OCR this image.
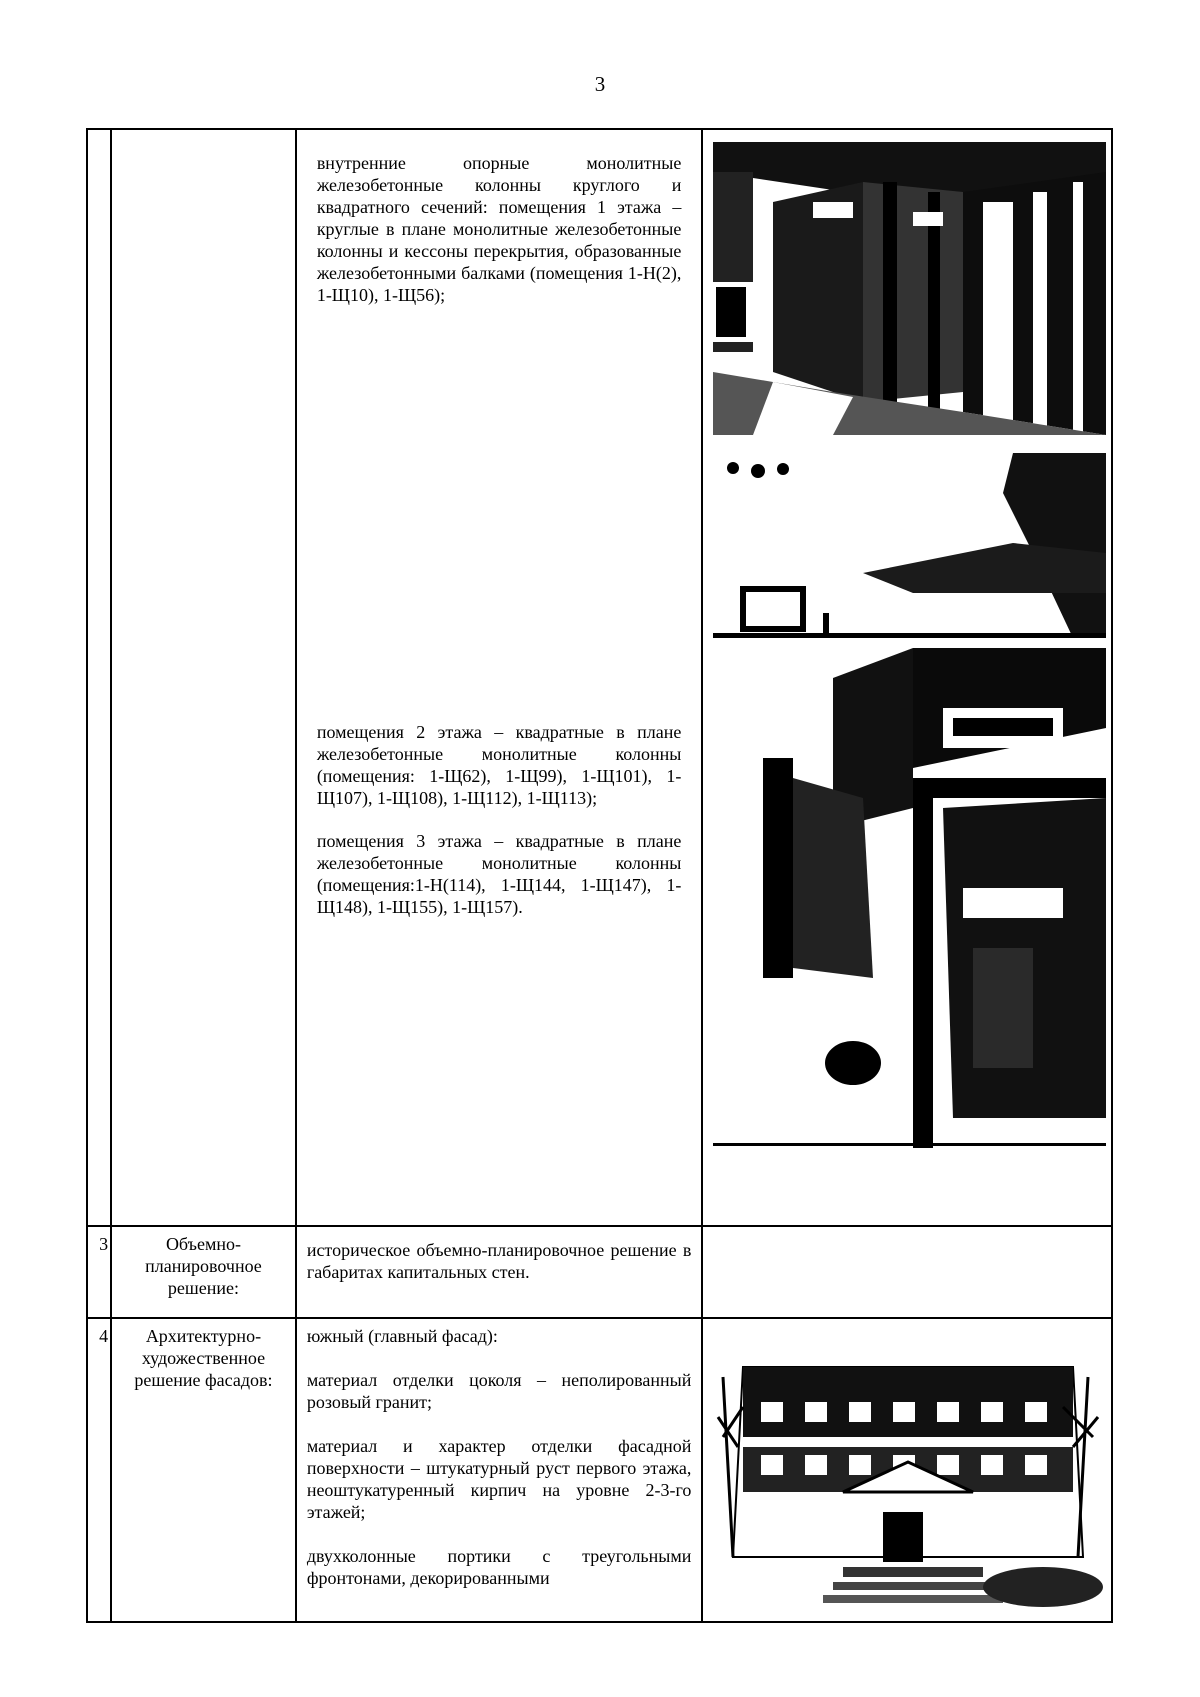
3

		внутренние опорные монолитные железобетонные колонны круглого и квадратного сечений: помещения 1 этажа – круглые в плане монолитные железобетонные колонны и кессоны перекрытия, образованные железобетонными балками (помещения 1-Н(2), 1-Щ10), 1-Щ56);

помещения 2 этажа – квадратные в плане железобетонные монолитные колонны (помещения: 1-Щ62), 1-Щ99), 1-Щ101), 1-Щ107), 1-Щ108), 1-Щ112), 1-Щ113);

помещения 3 этажа – квадратные в плане железобетонные монолитные колонны (помещения:1-Н(114), 1-Щ144, 1-Щ147), 1-Щ148), 1-Щ155), 1-Щ157).

3	Объемно-планировочное решение:	историческое объемно-планировочное решение в габаритах капитальных стен.	

4	Архитектурно-художественное решение фасадов:	южный (главный фасад):

материал отделки цоколя – неполированный розовый гранит;

материал и характер отделки фасадной поверхности – штукатурный руст первого этажа, неоштукатуренный кирпич на уровне 2-3-го этажей;

двухколонные портики с треугольными фронтонами, декорированными
